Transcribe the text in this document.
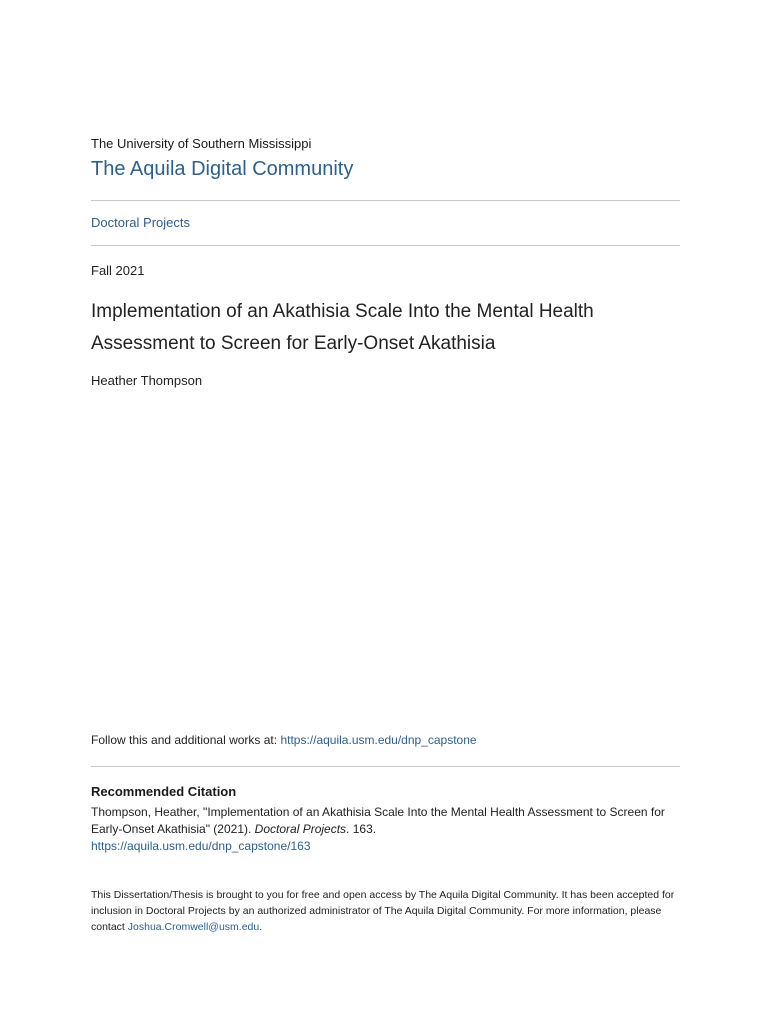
The University of Southern Mississippi
The Aquila Digital Community
Doctoral Projects
Fall 2021
Implementation of an Akathisia Scale Into the Mental Health Assessment to Screen for Early-Onset Akathisia
Heather Thompson
Follow this and additional works at: https://aquila.usm.edu/dnp_capstone
Recommended Citation
Thompson, Heather, "Implementation of an Akathisia Scale Into the Mental Health Assessment to Screen for Early-Onset Akathisia" (2021). Doctoral Projects. 163.
https://aquila.usm.edu/dnp_capstone/163
This Dissertation/Thesis is brought to you for free and open access by The Aquila Digital Community. It has been accepted for inclusion in Doctoral Projects by an authorized administrator of The Aquila Digital Community. For more information, please contact Joshua.Cromwell@usm.edu.
